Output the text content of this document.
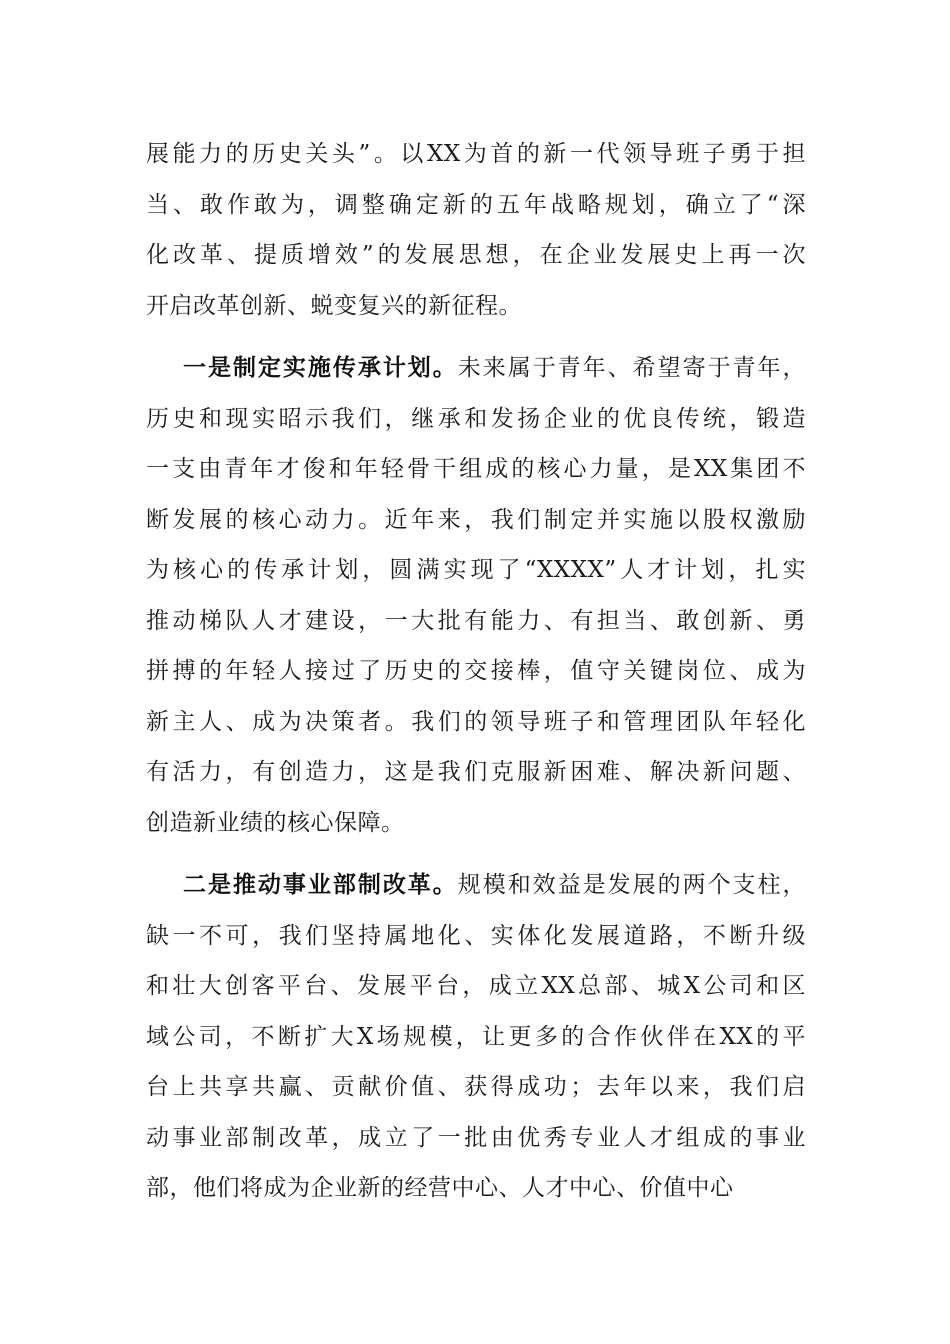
展能力的历史关头”。以XX为首的新一代领导班子勇于担
当、敢作敢为，调整确定新的五年战略规划，确立了“深
化改革、提质增效”的发展思想，在企业发展史上再一次
开启改革创新、蜕变复兴的新征程。

一是制定实施传承计划。未来属于青年、希望寄于青年，
历史和现实昭示我们，继承和发扬企业的优良传统，锻造
一支由青年才俊和年轻骨干组成的核心力量，是XX集团不
断发展的核心动力。近年来，我们制定并实施以股权激励
为核心的传承计划，圆满实现了“XXXX”人才计划，扎实
推动梯队人才建设，一大批有能力、有担当、敢创新、勇
拼搏的年轻人接过了历史的交接棒，值守关键岗位、成为
新主人、成为决策者。我们的领导班子和管理团队年轻化
有活力，有创造力，这是我们克服新困难、解决新问题、
创造新业绩的核心保障。

二是推动事业部制改革。规模和效益是发展的两个支柱，
缺一不可，我们坚持属地化、实体化发展道路，不断升级
和壮大创客平台、发展平台，成立XX总部、城X公司和区
域公司，不断扩大X场规模，让更多的合作伙伴在XX的平
台上共享共赢、贡献价值、获得成功；去年以来，我们启
动事业部制改革，成立了一批由优秀专业人才组成的事业
部，他们将成为企业新的经营中心、人才中心、价值中心
